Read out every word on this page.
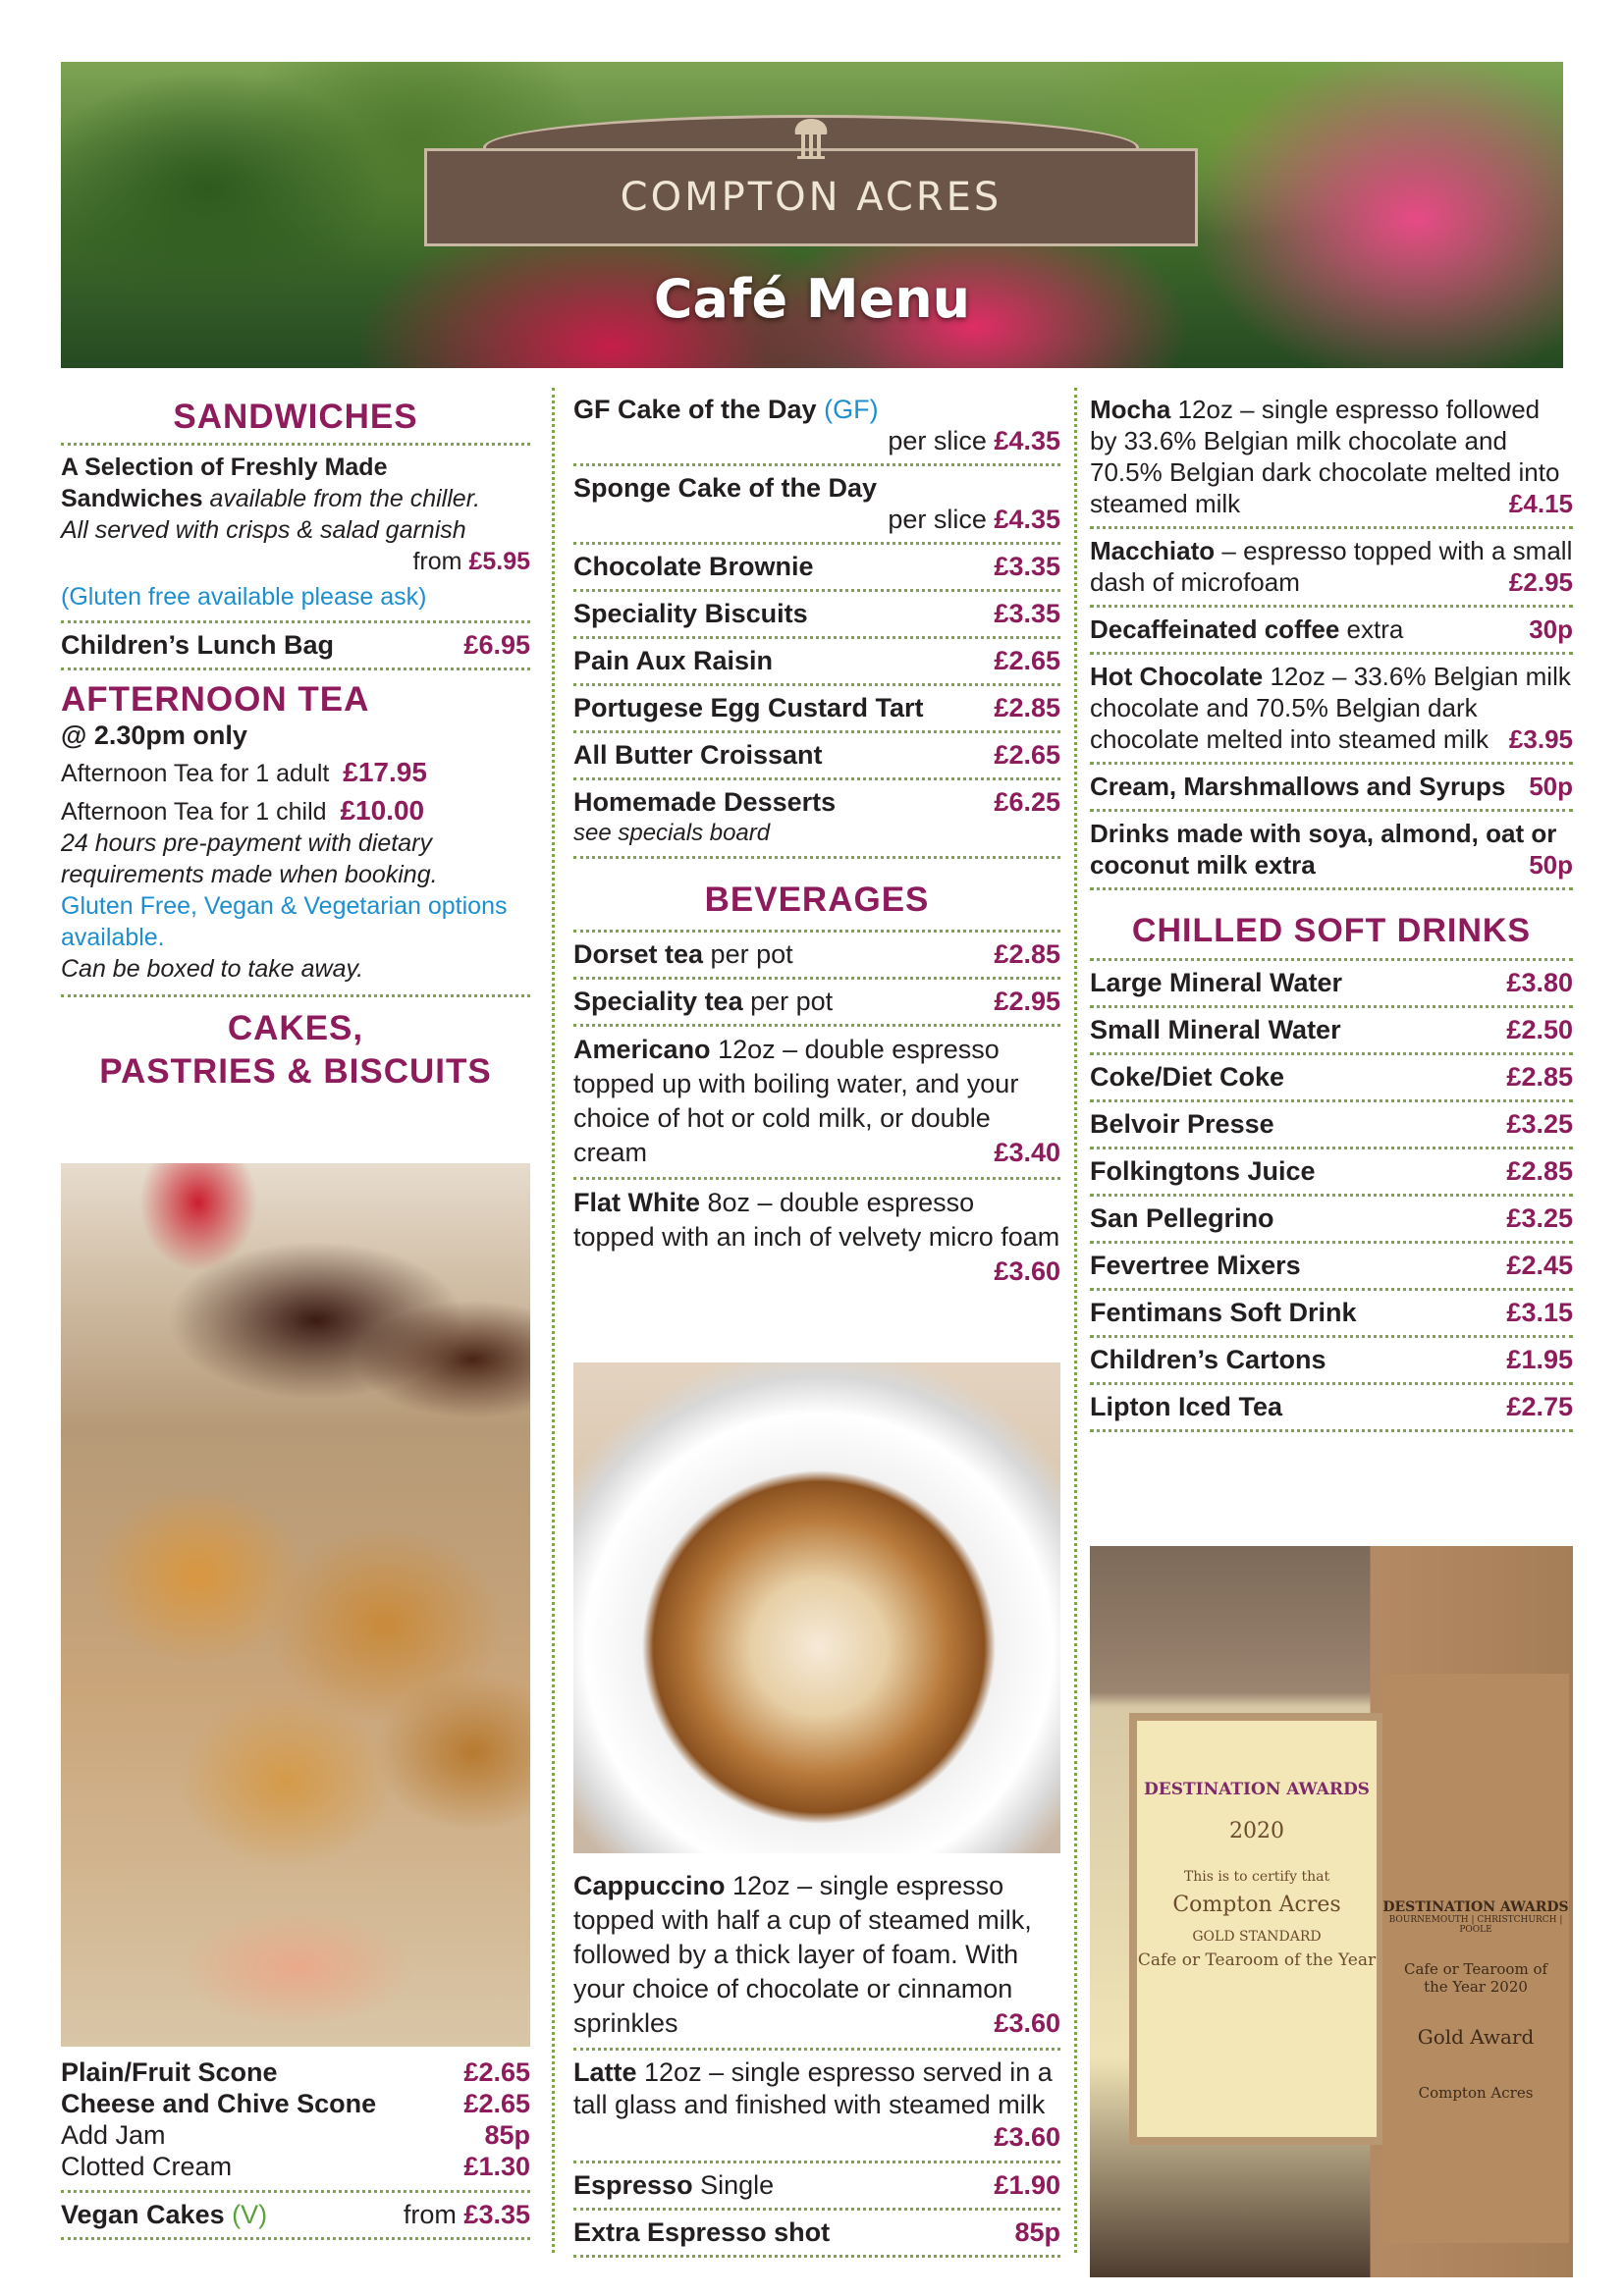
COMPTON ACRES
Café Menu
SANDWICHES
A Selection of Freshly Made
Sandwiches available from the chiller.
All served with crisps & salad garnish
from £5.95
(Gluten free available please ask)
Children’s Lunch Bag	£6.95
AFTERNOON TEA
@ 2.30pm only
Afternoon Tea for 1 adult £17.95
Afternoon Tea for 1 child £10.00
24 hours pre-payment with dietary requirements made when booking.
Gluten Free, Vegan & Vegetarian options available.
Can be boxed to take away.
CAKES,
PASTRIES & BISCUITS
Plain/Fruit Scone	£2.65
Cheese and Chive Scone	£2.65
Add Jam	85p
Clotted Cream	£1.30
Vegan Cakes (V)	from £3.35
GF Cake of the Day (GF)
per slice £4.35
Sponge Cake of the Day
per slice £4.35
Chocolate Brownie	£3.35
Speciality Biscuits	£3.35
Pain Aux Raisin	£2.65
Portugese Egg Custard Tart	£2.85
All Butter Croissant	£2.65
Homemade Desserts	£6.25
see specials board
BEVERAGES
Dorset tea per pot	£2.85
Speciality tea per pot	£2.95
Americano 12oz – double espresso topped up with boiling water, and your choice of hot or cold milk, or double cream	£3.40
Flat White 8oz – double espresso topped with an inch of velvety micro foam
£3.60
Cappuccino 12oz – single espresso topped with half a cup of steamed milk, followed by a thick layer of foam. With your choice of chocolate or cinnamon sprinkles	£3.60
Latte 12oz – single espresso served in a tall glass and finished with steamed milk
£3.60
Espresso Single	£1.90
Extra Espresso shot	85p
Mocha 12oz – single espresso followed by 33.6% Belgian milk chocolate and 70.5% Belgian dark chocolate melted into steamed milk	£4.15
Macchiato – espresso topped with a small dash of microfoam	£2.95
Decaffeinated coffee extra	30p
Hot Chocolate 12oz – 33.6% Belgian milk chocolate and 70.5% Belgian dark chocolate melted into steamed milk £3.95
Cream, Marshmallows and Syrups 50p
Drinks made with soya, almond, oat or coconut milk extra	50p
CHILLED SOFT DRINKS
Large Mineral Water	£3.80
Small Mineral Water	£2.50
Coke/Diet Coke	£2.85
Belvoir Presse	£3.25
Folkingtons Juice	£2.85
San Pellegrino	£3.25
Fevertree Mixers	£2.45
Fentimans Soft Drink	£3.15
Children’s Cartons	£1.95
Lipton Iced Tea	£2.75
DESTINATION AWARDS
2020
This is to certify that
Compton Acres
GOLD STANDARD
Cafe or Tearoom of the Year
DESTINATION AWARDS
BOURNEMOUTH | CHRISTCHURCH | POOLE
Cafe or Tearoom of the Year 2020
Gold Award
Compton Acres
